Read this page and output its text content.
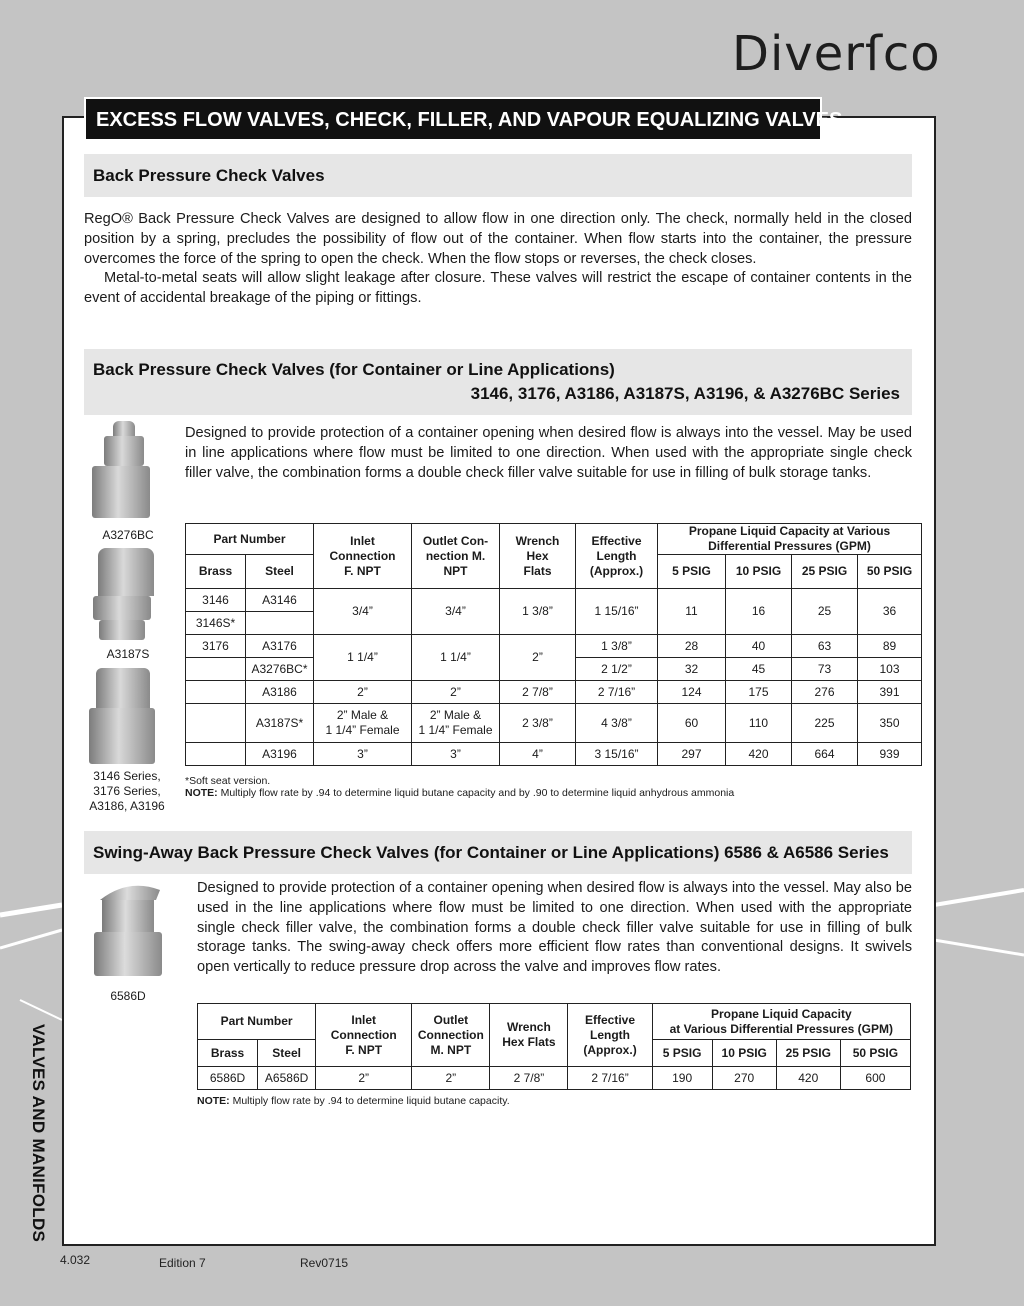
Diverſco
EXCESS FLOW VALVES, CHECK, FILLER, AND VAPOUR EQUALIZING VALVES
Back Pressure Check Valves

RegO® Back Pressure Check Valves are designed to allow flow in one direction only. The check, normally held in the closed position by a spring, precludes the possibility of flow out of the container. When flow starts into the container, the pressure overcomes the force of the spring to open the check. When the flow stops or reverses, the check closes.

Metal-to-metal seats will allow slight leakage after closure. These valves will restrict the escape of container contents in the event of accidental breakage of the piping or fittings.

Back Pressure Check Valves (for Container or Line Applications)
3146, 3176, A3186, A3187S, A3196, & A3276BC Series
A3276BC
A3187S
3146 Series,
3176 Series,
A3186, A3196
Designed to provide protection of a container opening when desired flow is always into the vessel. May be used in line applications where flow must be limited to one direction. When used with the appropriate single check filler valve, the combination forms a double check filler valve suitable for use in filling of bulk storage tanks.
Part Number		Inlet
Connection
F. NPT	Outlet Con-
nection M.
NPT	Wrench
Hex
Flats	Effective
Length
(Approx.)	Propane Liquid Capacity at Various
Differential Pressures (GPM)			
Brass	Steel					5 PSIG	10 PSIG	25 PSIG	50 PSIG
3146	A3146	3/4”	3/4”	1 3/8”	1 15/16”	11	16	25	36
3146S*									
3176	A3176	1 1/4”	1 1/4”	2”	1 3/8”	28	40	63	89
	A3276BC*				2 1/2”	32	45	73	103
	A3186	2”	2”	2 7/8”	2 7/16”	124	175	276	391
	A3187S*	2” Male &
1 1/4” Female	2” Male &
1 1/4” Female	2 3/8”	4 3/8”	60	110	225	350
	A3196	3”	3”	4”	3 15/16”	297	420	664	939
*Soft seat version.
NOTE: Multiply flow rate by .94 to determine liquid butane capacity and by .90 to determine liquid anhydrous ammonia
Swing-Away Back Pressure Check Valves (for Container or Line Applications) 6586 & A6586 Series
6586D
Designed to provide protection of a container opening when desired flow is always into the vessel. May also be used in the line applications where flow must be limited to one direction. When used with the appropriate single check filler valve, the combination forms a double check filler valve suitable for use in filling of bulk storage tanks. The swing-away check offers more efficient flow rates than conventional designs. It swivels open vertically to reduce pressure drop across the valve and improves flow rates.
Part Number		Inlet
Connection
F. NPT	Outlet
Connection
M. NPT	Wrench
Hex Flats	Effective
Length
(Approx.)	Propane Liquid Capacity
at Various Differential Pressures (GPM)			
Brass	Steel					5 PSIG	10 PSIG	25 PSIG	50 PSIG
6586D	A6586D	2”	2”	2 7/8”	2 7/16”	190	270	420	600
NOTE: Multiply flow rate by .94 to determine liquid butane capacity.
VALVES AND MANIFOLDS
4.032	Edition 7	Rev0715
